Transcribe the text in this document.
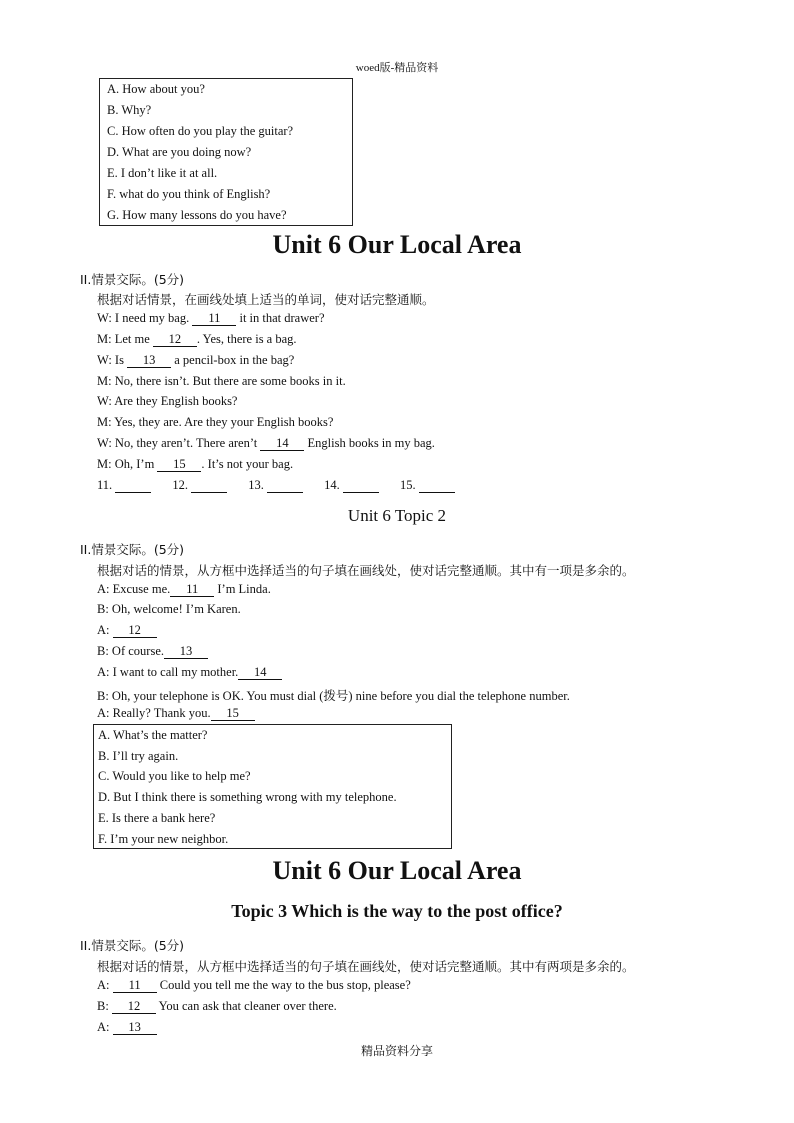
woed版-精品资料
A. How about you?
B. Why?
C. How often do you play the guitar?
D. What are you doing now?
E. I don’t like it at all.
F. what do you think of English?
G. How many lessons do you have?
Unit 6 Our Local Area
II.情景交际。(5分)
根据对话情景，在画线处填上适当的单词，使对话完整通顺。
W: I need my bag. 11 it in that drawer?
M: Let me 12 . Yes, there is a bag.
W: Is 13 a pencil-box in the bag?
M: No, there isn’t. But there are some books in it.
W: Are they English books?
M: Yes, they are. Are they your English books?
W: No, they aren’t. There aren’t 14 English books in my bag.
M: Oh, I’m 15 . It’s not your bag.
11.	12.	13.	14.	15.
Unit 6 Topic 2
II.情景交际。(5分)
根据对话的情景，从方框中选择适当的句子填在画线处，使对话完整通顺。其中有一项是多余的。
A: Excuse me. 11 I’m Linda.
B: Oh, welcome! I’m Karen.
A: 12
B: Of course. 13
A: I want to call my mother. 14
B: Oh, your telephone is OK. You must dial (拨号) nine before you dial the telephone number.
A: Really? Thank you. 15
A. What’s the matter?
B. I’ll try again.
C. Would you like to help me?
D. But I think there is something wrong with my telephone.
E. Is there a bank here?
F. I’m your new neighbor.
Unit 6 Our Local Area
Topic 3 Which is the way to the post office?
II.情景交际。(5分)
根据对话的情景，从方框中选择适当的句子填在画线处，使对话完整通顺。其中有两项是多余的。
A: 11 Could you tell me the way to the bus stop, please?
B: 12 You can ask that cleaner over there.
A: 13
精品资料分享
